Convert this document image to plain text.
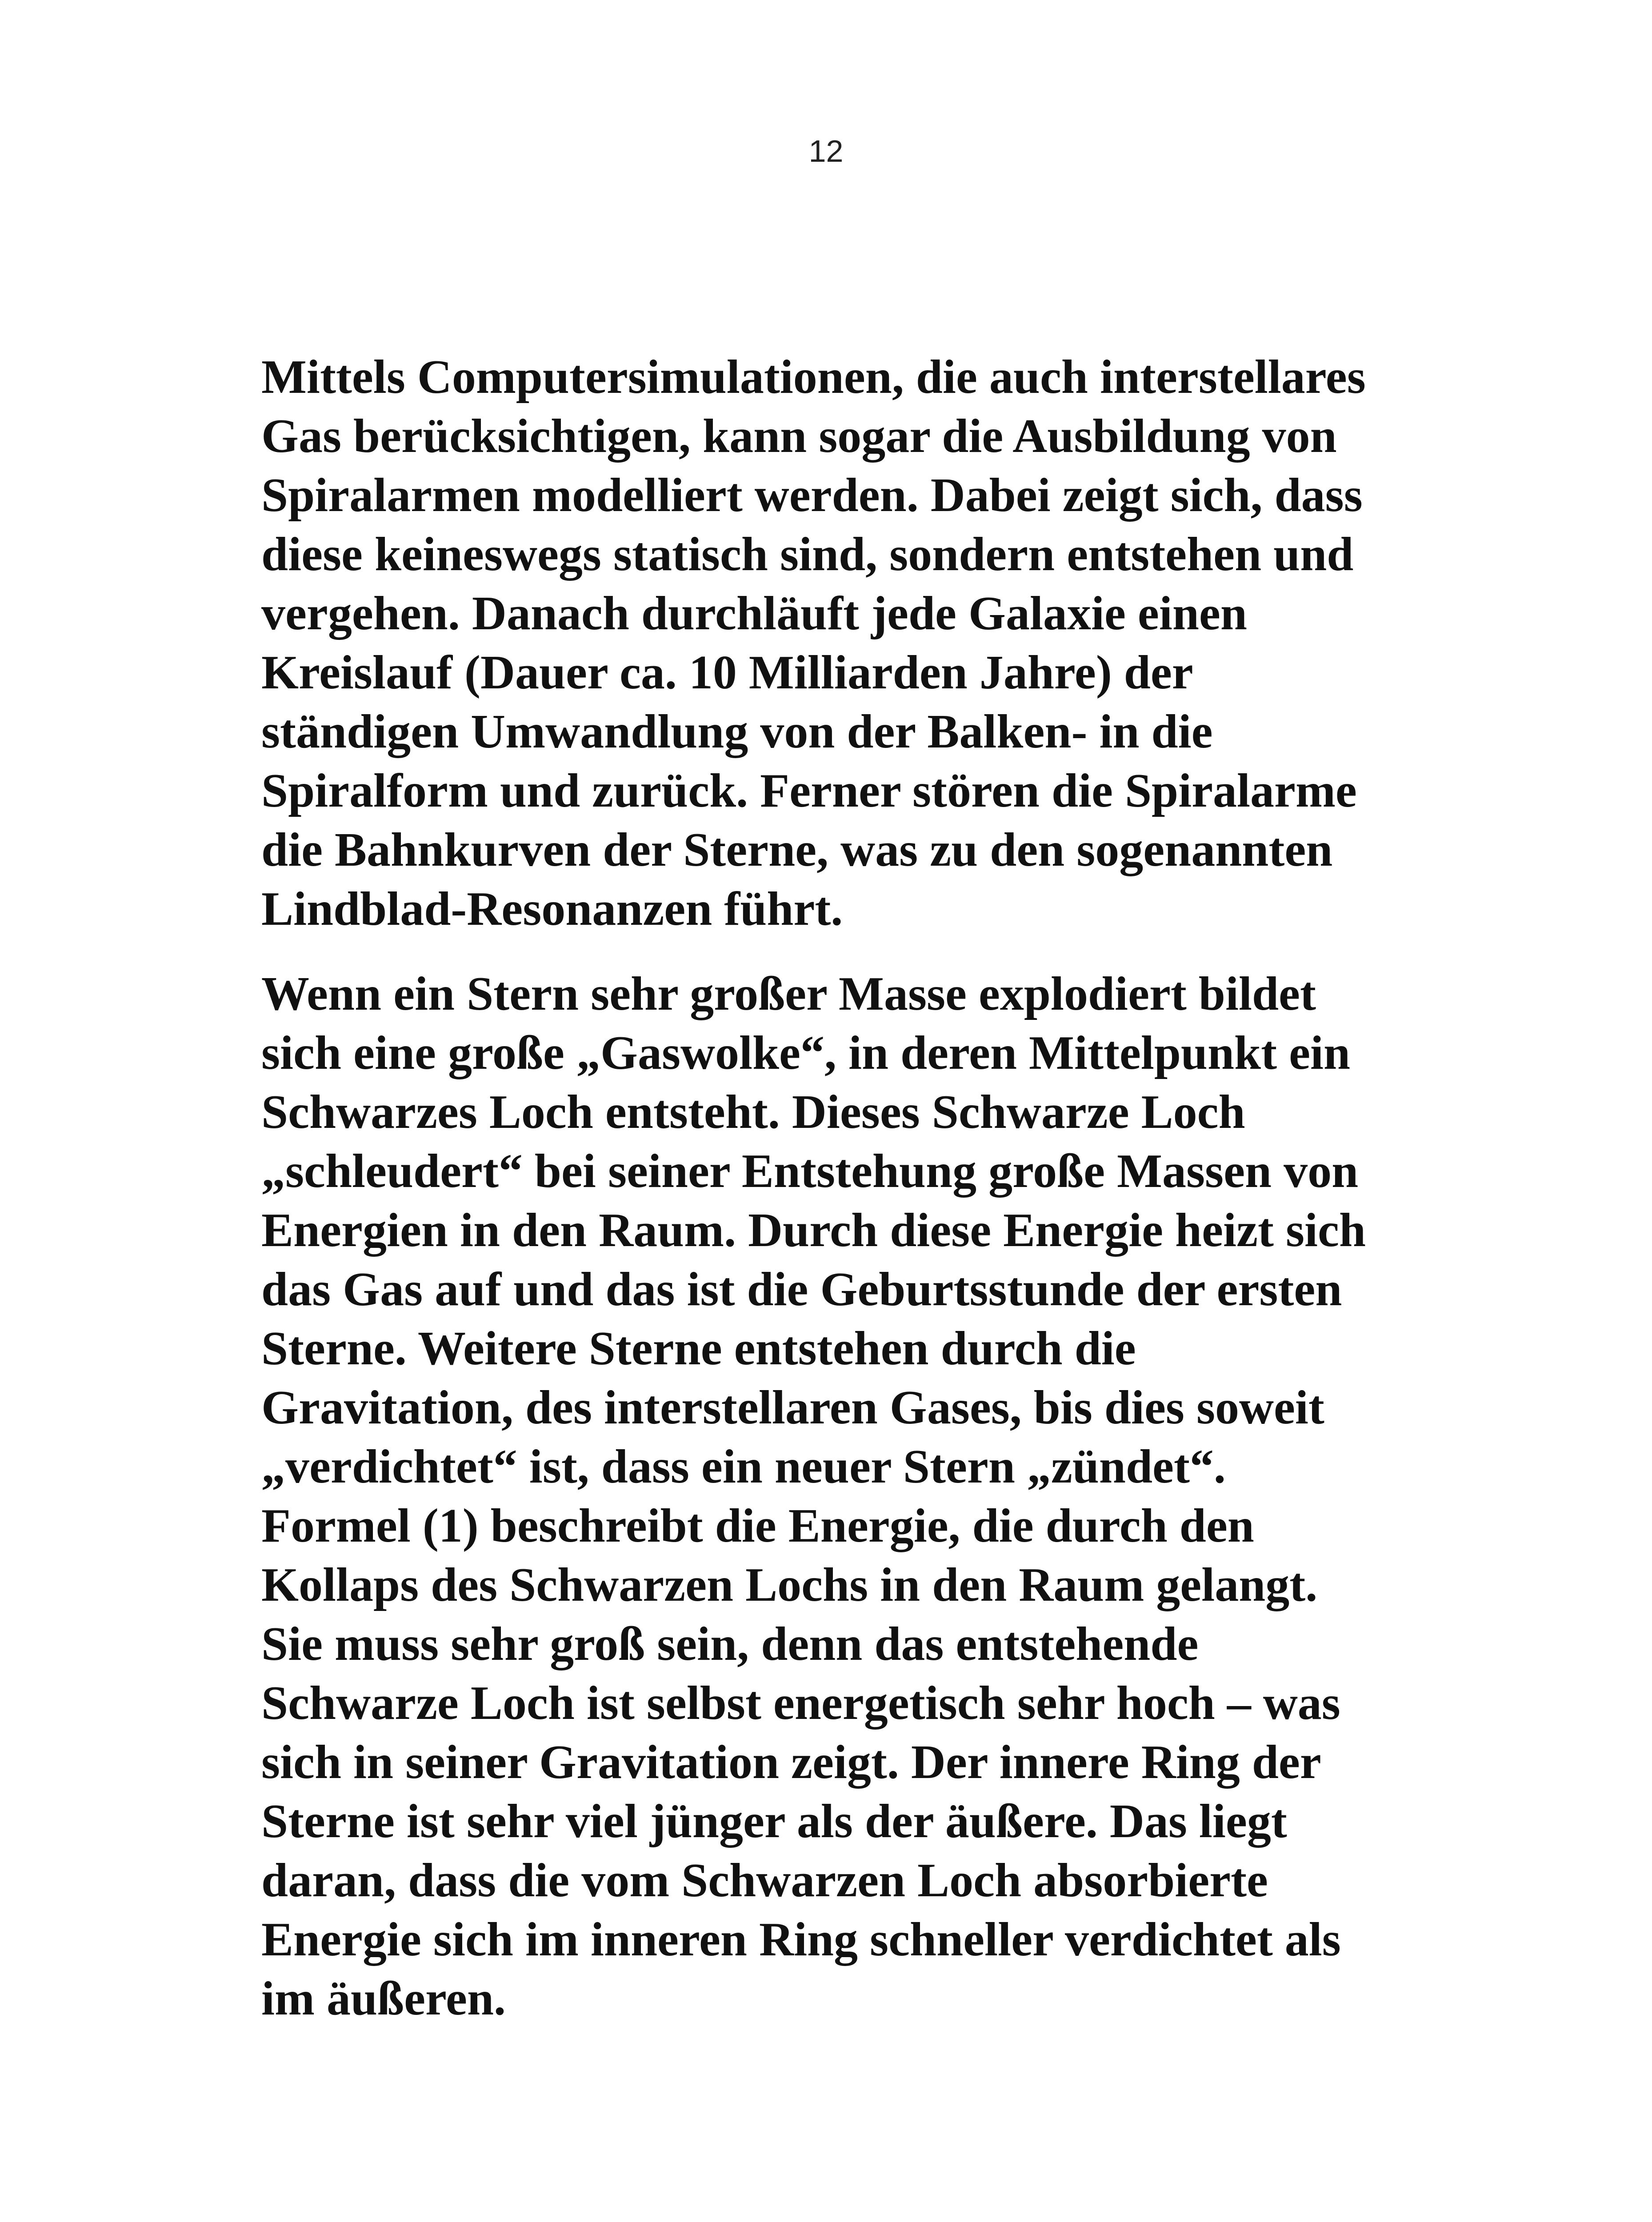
12
Mittels Computersimulationen, die auch interstellares
Gas berücksichtigen, kann sogar die Ausbildung von
Spiralarmen modelliert werden. Dabei zeigt sich, dass
diese keineswegs statisch sind, sondern entstehen und
vergehen. Danach durchläuft jede Galaxie einen
Kreislauf (Dauer ca. 10 Milliarden Jahre) der
ständigen Umwandlung von der Balken- in die
Spiralform und zurück. Ferner stören die Spiralarme
die Bahnkurven der Sterne, was zu den sogenannten
Lindblad-Resonanzen führt.
Wenn ein Stern sehr großer Masse explodiert bildet
sich eine große „Gaswolke“, in deren Mittelpunkt ein
Schwarzes Loch entsteht. Dieses Schwarze Loch
„schleudert“ bei seiner Entstehung große Massen von
Energien in den Raum. Durch diese Energie heizt sich
das Gas auf und das ist die Geburtsstunde der ersten
Sterne. Weitere Sterne entstehen durch die
Gravitation, des interstellaren Gases, bis dies soweit
„verdichtet“ ist, dass ein neuer Stern „zündet“.
Formel (1) beschreibt die Energie, die durch den
Kollaps des Schwarzen Lochs in den Raum gelangt.
Sie muss sehr groß sein, denn das entstehende
Schwarze Loch ist selbst energetisch sehr hoch – was
sich in seiner Gravitation zeigt. Der innere Ring der
Sterne ist sehr viel jünger als der äußere. Das liegt
daran, dass die vom Schwarzen Loch absorbierte
Energie sich im inneren Ring schneller verdichtet als
im äußeren.
